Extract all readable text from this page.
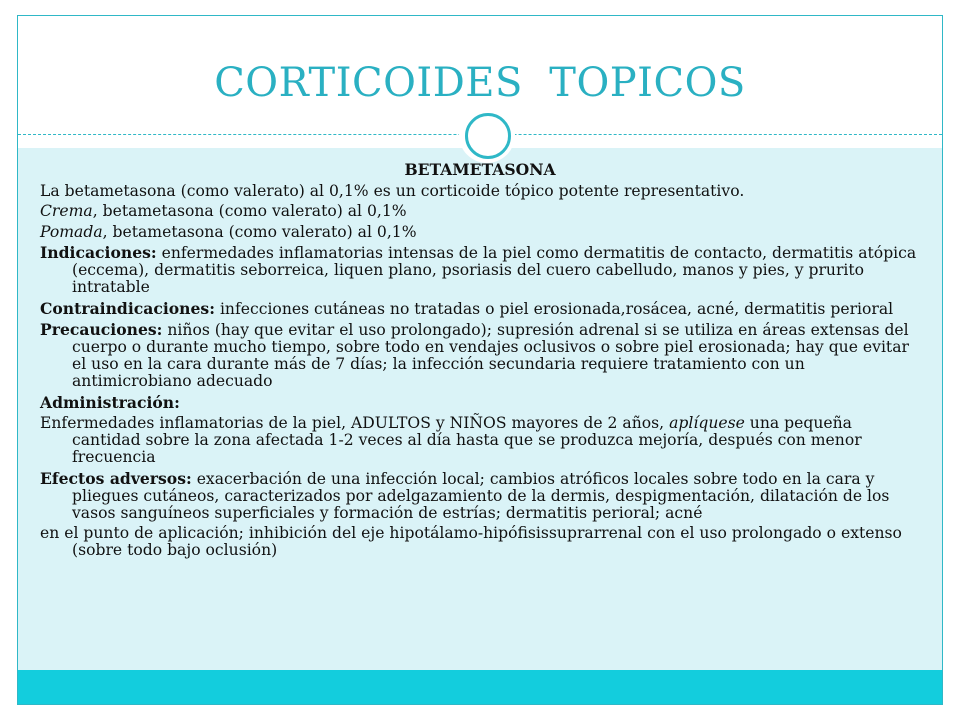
CORTICOIDES  TOPICOS

BETAMETASONA

La betametasona (como valerato) al 0,1% es un corticoide tópico potente representativo.

Crema, betametasona (como valerato) al 0,1%

Pomada, betametasona (como valerato) al 0,1%

Indicaciones: enfermedades inflamatorias intensas de la piel como dermatitis de contacto, dermatitis atópica (eccema), dermatitis seborreica, liquen plano, psoriasis del cuero cabelludo, manos y pies, y prurito intratable

Contraindicaciones: infecciones cutáneas no tratadas o piel erosionada,rosácea, acné, dermatitis perioral

Precauciones: niños (hay que evitar el uso prolongado); supresión adrenal si se utiliza en áreas extensas del cuerpo o durante mucho tiempo, sobre todo en vendajes oclusivos o sobre piel erosionada; hay que evitar el uso en la cara durante más de 7 días; la infección secundaria requiere tratamiento con un antimicrobiano adecuado

Administración:

Enfermedades inflamatorias de la piel, ADULTOS y NIÑOS mayores de 2 años, aplíquese una pequeña cantidad sobre la zona afectada 1-2 veces al día hasta que se produzca mejoría, después con menor frecuencia

Efectos adversos: exacerbación de una infección local; cambios atróficos locales sobre todo en la cara y pliegues cutáneos, caracterizados por adelgazamiento de la dermis, despigmentación, dilatación de los vasos sanguíneos superficiales y formación de estrías; dermatitis perioral; acné

en el punto de aplicación; inhibición del eje hipotálamo-hipófisissuprarrenal con el uso prolongado o extenso (sobre todo bajo oclusión)
